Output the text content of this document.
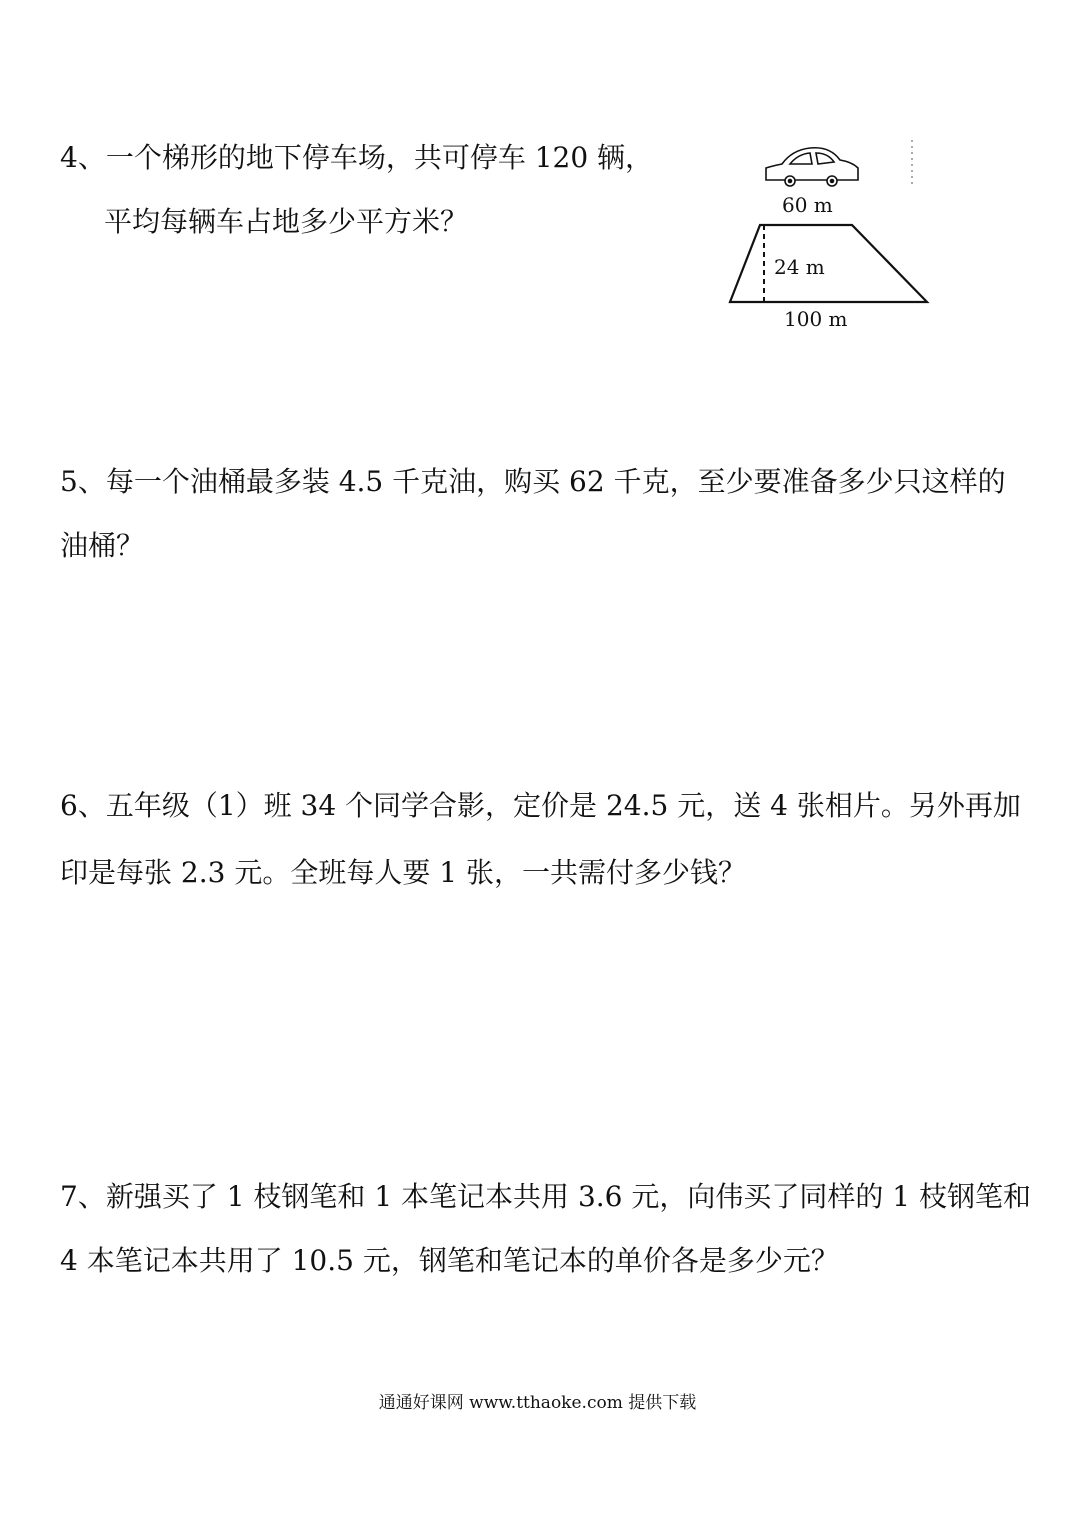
4、一个梯形的地下停车场，共可停车 120 辆，
平均每辆车占地多少平方米？	60 m
24 m
100 m
5、每一个油桶最多装 4.5 千克油，购买 62 千克，至少要准备多少只这样的
油桶？
6、五年级（1）班 34 个同学合影，定价是 24.5 元，送 4 张相片。另外再加
印是每张 2.3 元。全班每人要 1 张，一共需付多少钱？
7、新强买了 1 枝钢笔和 1 本笔记本共用 3.6 元，向伟买了同样的 1 枝钢笔和
4 本笔记本共用了 10.5 元，钢笔和笔记本的单价各是多少元？
通通好课网 www.tthaoke.com 提供下载
